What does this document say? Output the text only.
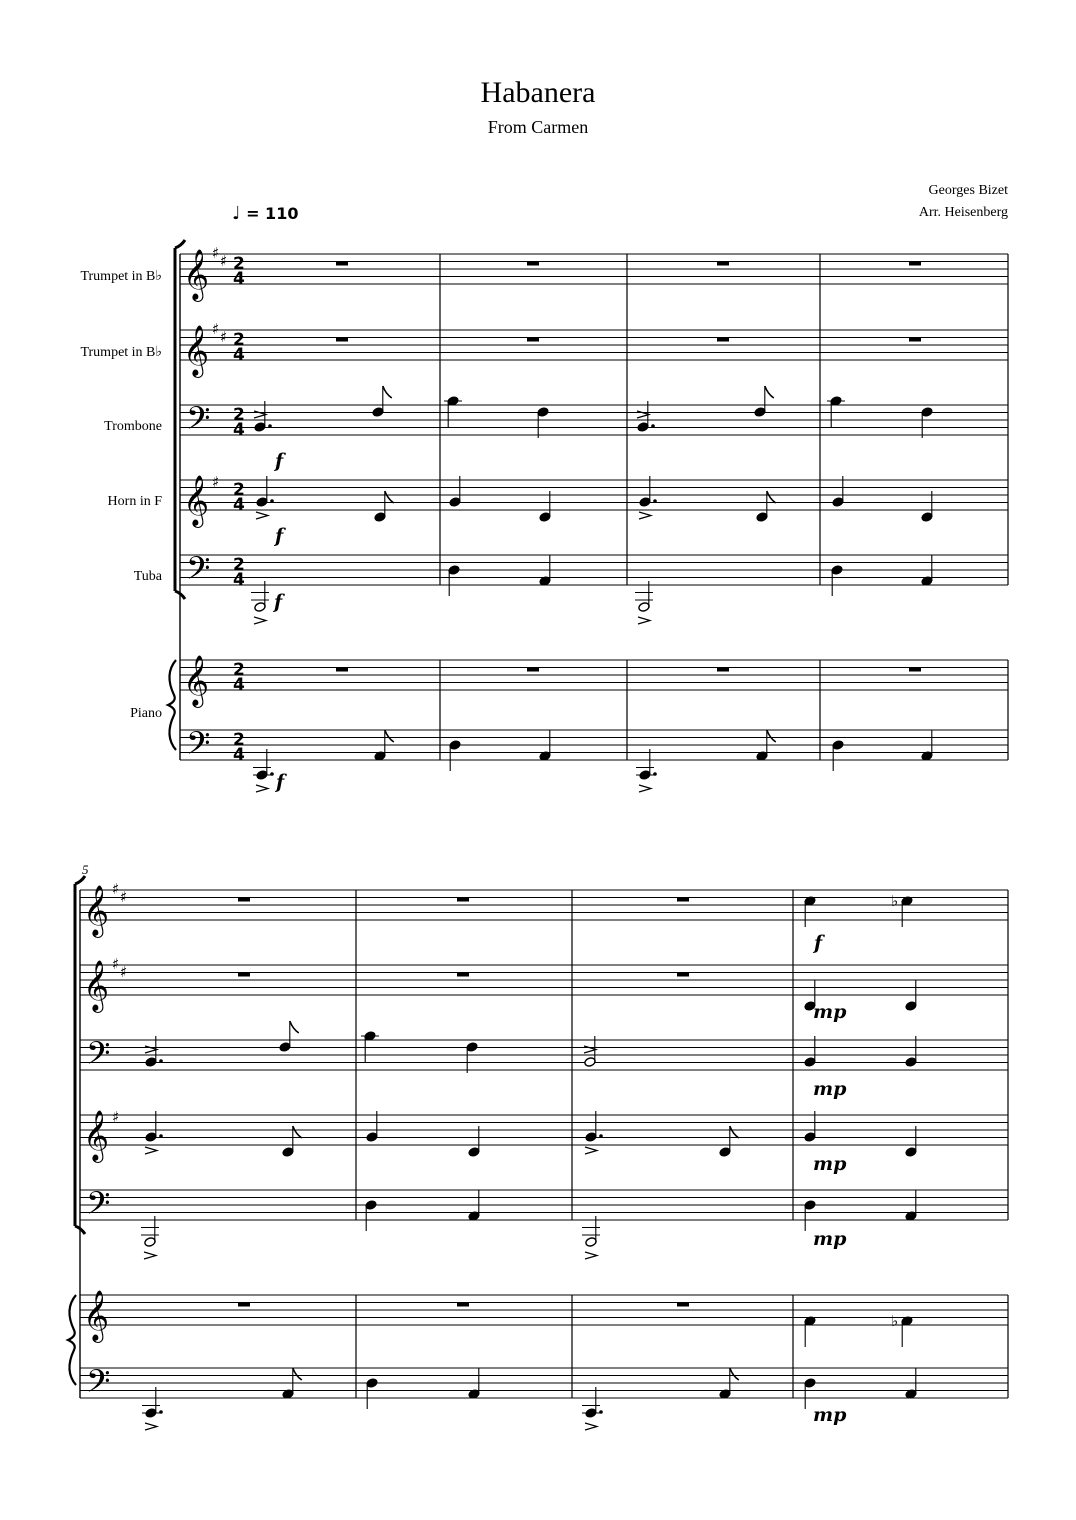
𝄞
𝄞
𝄢
𝄞
𝄢
𝄞
𝄢
♯ ♯
♯ ♯
♯
2
4
2
4
2
4
2
4
2
4
2
4
2
4
f
f
f
f
𝄞
𝄞
𝄢
𝄞
𝄢
𝄞
𝄢
♯ ♯
♯ ♯
♯
♭
f
mp
mp
mp
mp
♭
mp
Habanera
From Carmen
Georges Bizet
Arr. Heisenberg
♩ = 110
Trumpet in B♭
Trumpet in B♭
Trombone
Horn in F
Tuba
Piano
5
